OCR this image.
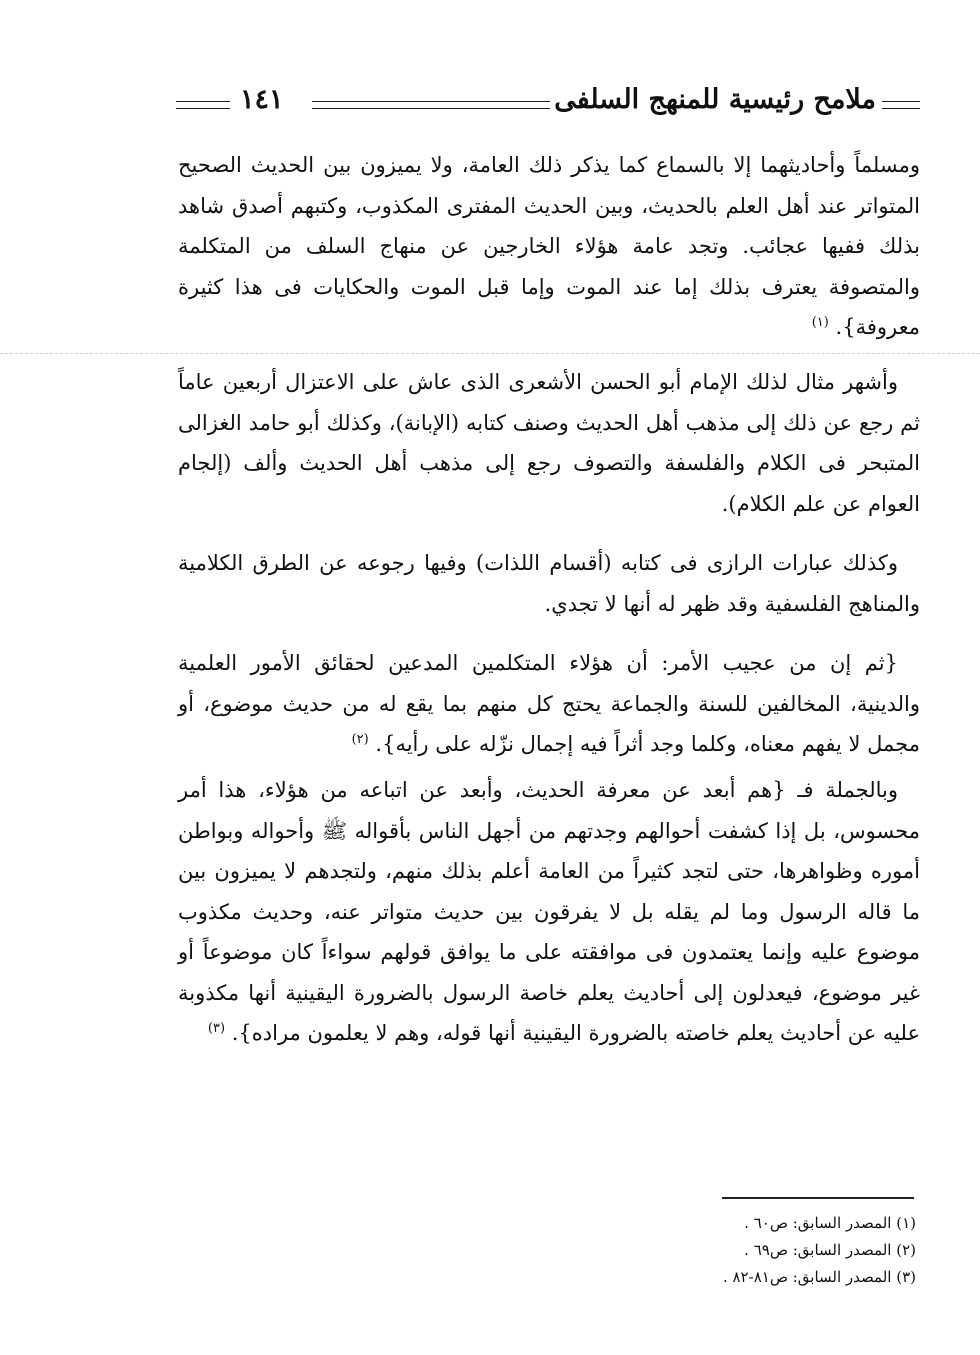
ملامح رئيسية للمنهج السلفى
١٤١

ومسلماً وأحاديثهما إلا بالسماع كما يذكر ذلك العامة، ولا يميزون بين الحديث الصحيح المتواتر عند أهل العلم بالحديث، وبين الحديث المفترى المكذوب، وكتبهم أصدق شاهد بذلك ففيها عجائب. وتجد عامة هؤلاء الخارجين عن منهاج السلف من المتكلمة والمتصوفة يعترف بذلك إما عند الموت وإما قبل الموت والحكايات فى هذا كثيرة معروفة}. $^{(١)}$

وأشهر مثال لذلك الإمام أبو الحسن الأشعرى الذى عاش على الاعتزال أربعين عاماً ثم رجع عن ذلك إلى مذهب أهل الحديث وصنف كتابه (الإبانة)، وكذلك أبو حامد الغزالى المتبحر فى الكلام والفلسفة والتصوف رجع إلى مذهب أهل الحديث وألف (إلجام العوام عن علم الكلام).

وكذلك عبارات الرازى فى كتابه (أقسام اللذات) وفيها رجوعه عن الطرق الكلامية والمناهج الفلسفية وقد ظهر له أنها لا تجدي.

{ثم إن من عجيب الأمر: أن هؤلاء المتكلمين المدعين لحقائق الأمور العلمية والدينية، المخالفين للسنة والجماعة يحتج كل منهم بما يقع له من حديث موضوع، أو مجمل لا يفهم معناه، وكلما وجد أثراً فيه إجمال نزّله على رأيه}. $^{(٢)}$

وبالجملة فـ {هم أبعد عن معرفة الحديث، وأبعد عن اتباعه من هؤلاء، هذا أمر محسوس، بل إذا كشفت أحوالهم وجدتهم من أجهل الناس بأقواله ﷺ وأحواله وبواطن أموره وظواهرها، حتى لتجد كثيراً من العامة أعلم بذلك منهم، ولتجدهم لا يميزون بين ما قاله الرسول وما لم يقله بل لا يفرقون بين حديث متواتر عنه، وحديث مكذوب موضوع عليه وإنما يعتمدون فى موافقته على ما يوافق قولهم سواءاً كان موضوعاً أو غير موضوع، فيعدلون إلى أحاديث يعلم خاصة الرسول بالضرورة اليقينية أنها مكذوبة عليه عن أحاديث يعلم خاصته بالضرورة اليقينية أنها قوله، وهم لا يعلمون مراده}. $^{(٣)}$

(١) المصدر السابق: ص٦٠ .
(٢) المصدر السابق: ص٦٩ .
(٣) المصدر السابق: ص٨١-٨٢ .
